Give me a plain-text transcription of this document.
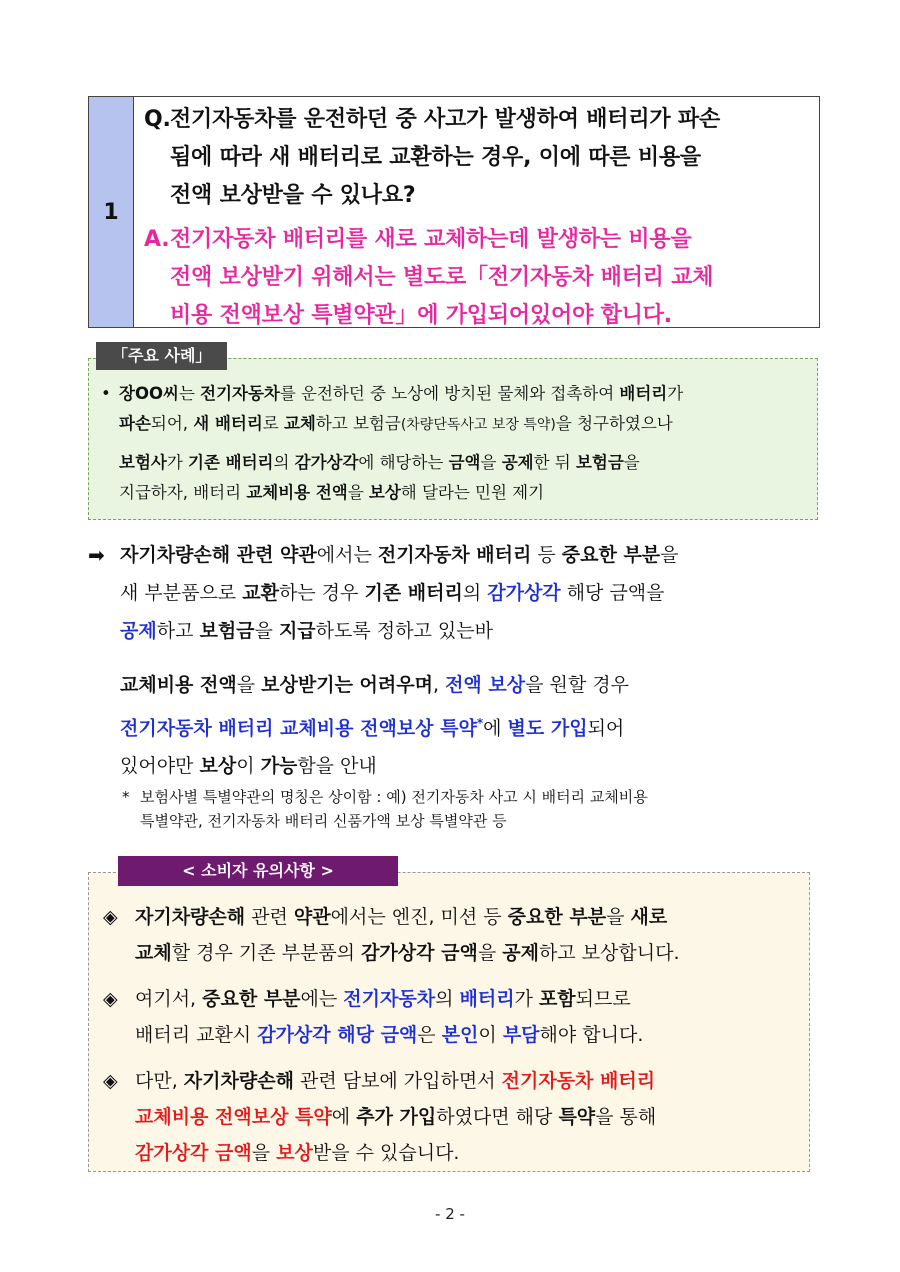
1
Q. 전기자동차를 운전하던 중 사고가 발생하여 배터리가 파손
됨에 따라 새 배터리로 교환하는 경우, 이에 따른 비용을
전액 보상받을 수 있나요?
A. 전기자동차 배터리를 새로 교체하는데 발생하는 비용을
전액 보상받기 위해서는 별도로「전기자동차 배터리 교체
비용 전액보상 특별약관」에 가입되어있어야 합니다.
「주요 사례」
• 장OO씨는 전기자동차를 운전하던 중 노상에 방치된 물체와 접촉하여 배터리가
파손되어, 새 배터리로 교체하고 보험금(차량단독사고 보장 특약)을 청구하였으나
보험사가 기존 배터리의 감가상각에 해당하는 금액을 공제한 뒤 보험금을
지급하자, 배터리 교체비용 전액을 보상해 달라는 민원 제기
➡ 자기차량손해 관련 약관에서는 전기자동차 배터리 등 중요한 부분을
새 부분품으로 교환하는 경우 기존 배터리의 감가상각 해당 금액을
공제하고 보험금을 지급하도록 정하고 있는바
교체비용 전액을 보상받기는 어려우며, 전액 보상을 원할 경우
전기자동차 배터리 교체비용 전액보상 특약*에 별도 가입되어
있어야만 보상이 가능함을 안내
* 보험사별 특별약관의 명칭은 상이함 : 예) 전기자동차 사고 시 배터리 교체비용
특별약관, 전기자동차 배터리 신품가액 보상 특별약관 등
< 소비자 유의사항 >
◈ 자기차량손해 관련 약관에서는 엔진, 미션 등 중요한 부분을 새로
교체할 경우 기존 부분품의 감가상각 금액을 공제하고 보상합니다.
◈ 여기서, 중요한 부분에는 전기자동차의 배터리가 포함되므로
배터리 교환시 감가상각 해당 금액은 본인이 부담해야 합니다.
◈ 다만, 자기차량손해 관련 담보에 가입하면서 전기자동차 배터리
교체비용 전액보상 특약에 추가 가입하였다면 해당 특약을 통해
감가상각 금액을 보상받을 수 있습니다.
- 2 -
